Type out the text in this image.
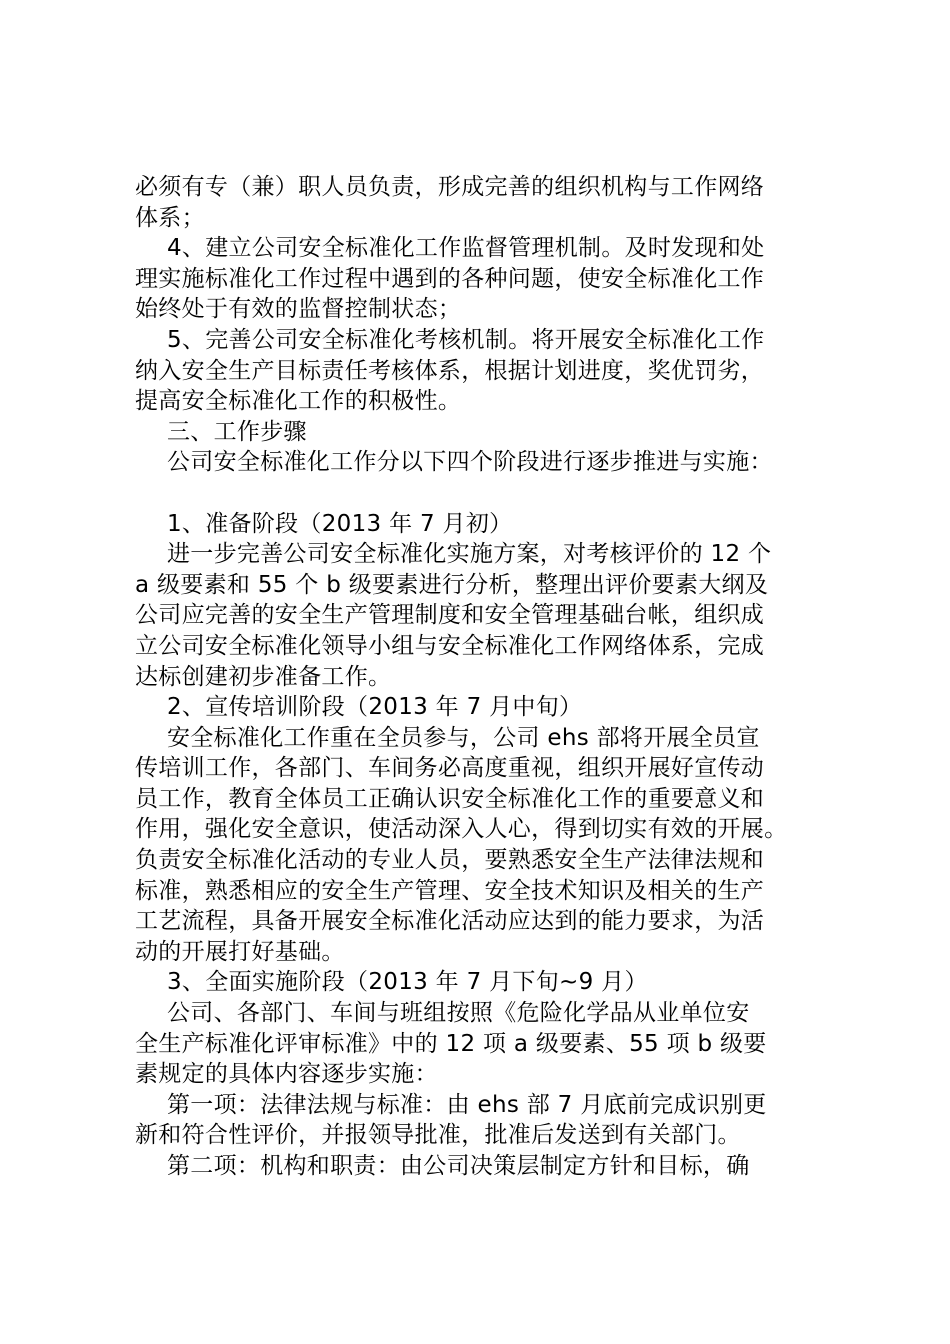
必须有专（兼）职人员负责，形成完善的组织机构与工作网络
体系；
4、建立公司安全标准化工作监督管理机制。及时发现和处
理实施标准化工作过程中遇到的各种问题，使安全标准化工作
始终处于有效的监督控制状态；
5、完善公司安全标准化考核机制。将开展安全标准化工作
纳入安全生产目标责任考核体系，根据计划进度，奖优罚劣，
提高安全标准化工作的积极性。
三、工作步骤
公司安全标准化工作分以下四个阶段进行逐步推进与实施：
1、准备阶段（2013 年 7 月初）
进一步完善公司安全标准化实施方案，对考核评价的 12 个
a 级要素和 55 个 b 级要素进行分析，整理出评价要素大纲及
公司应完善的安全生产管理制度和安全管理基础台帐，组织成
立公司安全标准化领导小组与安全标准化工作网络体系，完成
达标创建初步准备工作。
2、宣传培训阶段（2013 年 7 月中旬）
安全标准化工作重在全员参与，公司 ehs 部将开展全员宣
传培训工作，各部门、车间务必高度重视，组织开展好宣传动
员工作，教育全体员工正确认识安全标准化工作的重要意义和
作用，强化安全意识，使活动深入人心，得到切实有效的开展。
负责安全标准化活动的专业人员，要熟悉安全生产法律法规和
标准，熟悉相应的安全生产管理、安全技术知识及相关的生产
工艺流程，具备开展安全标准化活动应达到的能力要求，为活
动的开展打好基础。
3、全面实施阶段（2013 年 7 月下旬~9 月）
公司、各部门、车间与班组按照《危险化学品从业单位安
全生产标准化评审标准》中的 12 项 a 级要素、55 项 b 级要
素规定的具体内容逐步实施：
第一项：法律法规与标准：由 ehs 部 7 月底前完成识别更
新和符合性评价，并报领导批准，批准后发送到有关部门。
第二项：机构和职责：由公司决策层制定方针和目标，确
